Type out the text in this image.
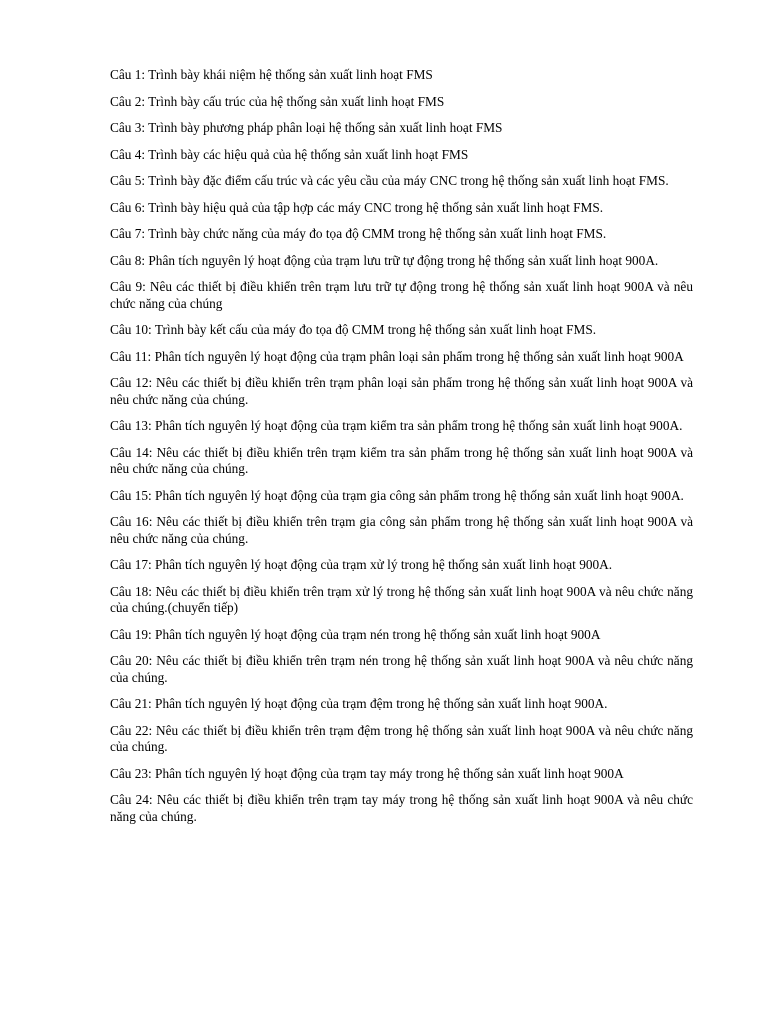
Câu 1: Trình bày khái niệm hệ thống sản xuất linh hoạt FMS

Câu 2: Trình bày cấu trúc của hệ thống sản xuất linh hoạt FMS

Câu 3: Trình bày phương pháp phân loại hệ thống sản xuất linh hoạt FMS

Câu 4: Trình bày các hiệu quả của hệ thống sản xuất linh hoạt FMS

Câu 5: Trình bày đặc điểm cấu trúc và các yêu cầu của máy CNC trong hệ thống sản xuất linh hoạt FMS.

Câu 6: Trình bày hiệu quả của tập hợp các máy CNC trong hệ thống sản xuất linh hoạt FMS.

Câu 7: Trình bày chức năng của máy đo tọa độ CMM trong hệ thống sản xuất linh hoạt FMS.

Câu 8: Phân tích nguyên lý hoạt động của trạm lưu trữ tự động trong hệ thống sản xuất linh hoạt 900A.

Câu 9: Nêu các thiết bị điều khiển trên trạm lưu trữ tự động trong hệ thống sản xuất linh hoạt 900A và nêu chức năng của chúng

Câu 10: Trình bày kết cấu của máy đo tọa độ CMM trong hệ thống sản xuất linh hoạt FMS.

Câu 11: Phân tích nguyên lý hoạt động của trạm phân loại sản phẩm trong hệ thống sản xuất linh hoạt 900A

Câu 12: Nêu các thiết bị điều khiển trên trạm phân loại sản phẩm trong hệ thống sản xuất linh hoạt 900A và nêu chức năng của chúng.

Câu 13: Phân tích nguyên lý hoạt động của trạm kiểm tra sản phẩm trong hệ thống sản xuất linh hoạt 900A.

Câu 14: Nêu các thiết bị điều khiển trên trạm kiểm tra sản phẩm trong hệ thống sản xuất linh hoạt 900A và nêu chức năng của chúng.

Câu 15: Phân tích nguyên lý hoạt động của trạm gia công sản phẩm trong hệ thống sản xuất linh hoạt 900A.

Câu 16: Nêu các thiết bị điều khiển trên trạm gia công sản phẩm trong hệ thống sản xuất linh hoạt 900A và nêu chức năng của chúng.

Câu 17: Phân tích nguyên lý hoạt động của trạm xử lý trong hệ thống sản xuất linh hoạt 900A.

Câu 18: Nêu các thiết bị điều khiển trên trạm xử lý trong hệ thống sản xuất linh hoạt 900A và nêu chức năng của chúng.(chuyển tiếp)

Câu 19: Phân tích nguyên lý hoạt động của trạm nén trong hệ thống sản xuất linh hoạt 900A

Câu 20: Nêu các thiết bị điều khiển trên trạm nén trong hệ thống sản xuất linh hoạt 900A và nêu chức năng của chúng.

Câu 21: Phân tích nguyên lý hoạt động của trạm đệm trong hệ thống sản xuất linh hoạt 900A.

Câu 22: Nêu các thiết bị điều khiển trên trạm đệm trong hệ thống sản xuất linh hoạt 900A và nêu chức năng của chúng.

Câu 23: Phân tích nguyên lý hoạt động của trạm tay máy trong hệ thống sản xuất linh hoạt 900A

Câu 24: Nêu các thiết bị điều khiển trên trạm tay máy trong hệ thống sản xuất linh hoạt 900A và nêu chức năng của chúng.
